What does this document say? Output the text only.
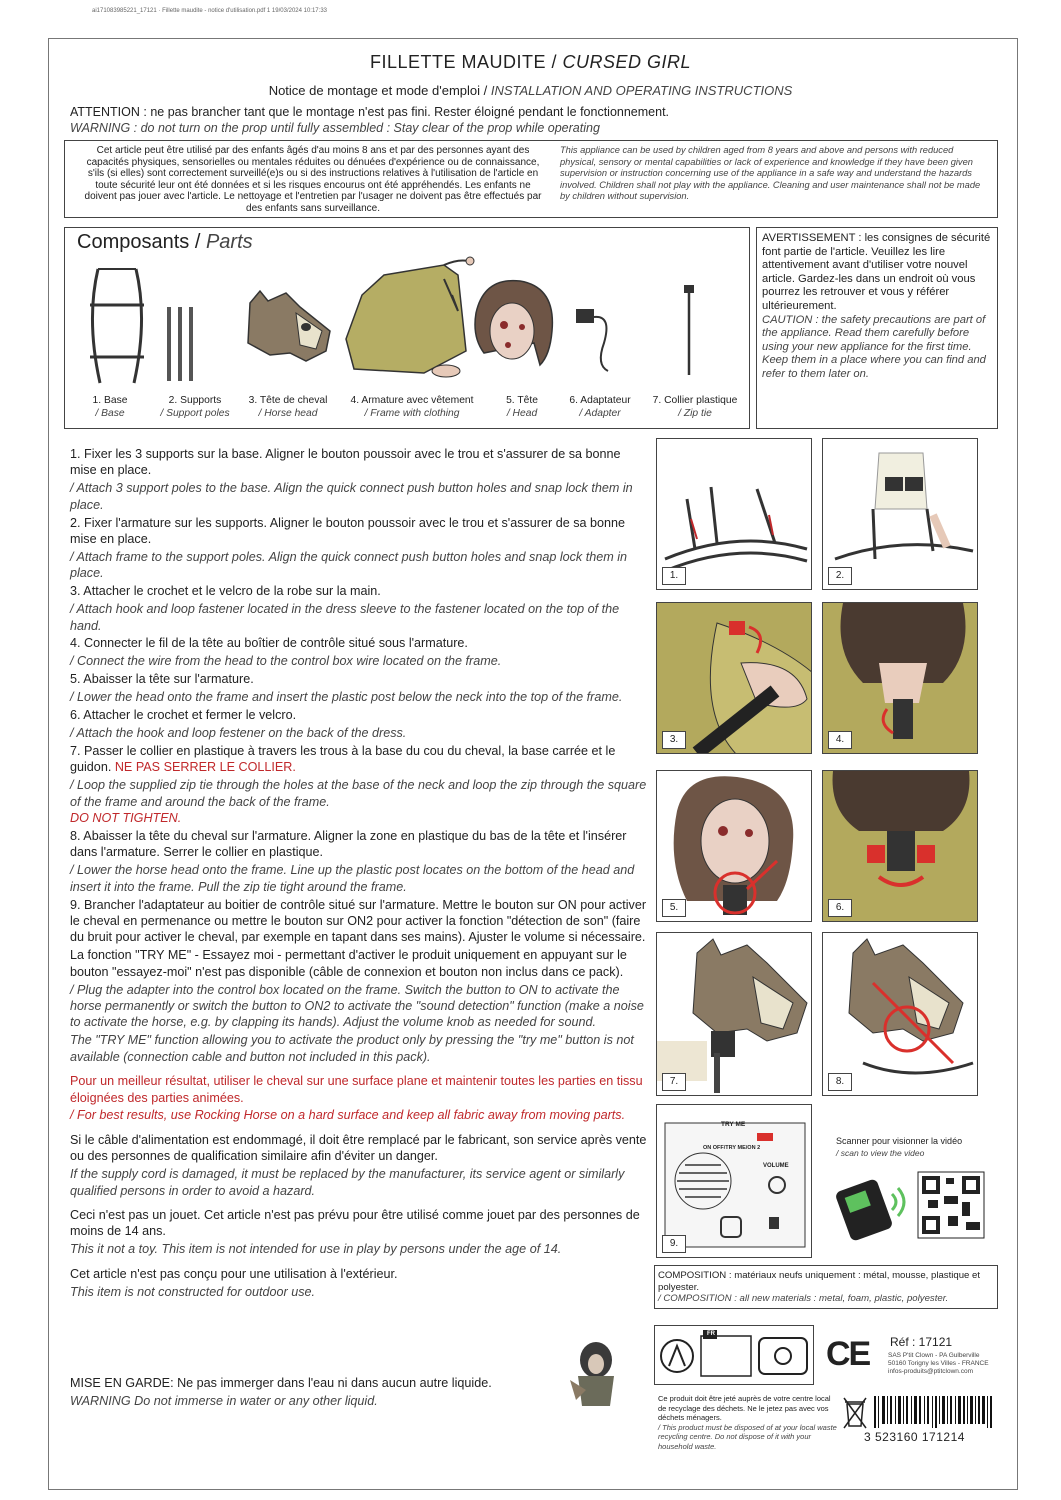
ai171083985221_17121 · Fillette maudite - notice d'utilisation.pdf 1 19/03/2024 10:17:33
FILLETTE MAUDITE / CURSED GIRL
Notice de montage et mode d'emploi / INSTALLATION AND OPERATING INSTRUCTIONS
ATTENTION : ne pas brancher tant que le montage n'est pas fini. Rester éloigné pendant le fonctionnement.
WARNING : do not turn on the prop until fully assembled : Stay clear of the prop while operating
Cet article peut être utilisé par des enfants âgés d'au moins 8 ans et par des personnes ayant des capacités physiques, sensorielles ou mentales réduites ou dénuées d'expérience ou de connaissance, s'ils (si elles) sont correctement surveillé(e)s ou si des instructions relatives à l'utilisation de l'article en toute sécurité leur ont été données et si les risques encourus ont été appréhendés. Les enfants ne doivent pas jouer avec l'article. Le nettoyage et l'entretien par l'usager ne doivent pas être effectués par des enfants sans surveillance.
This appliance can be used by children aged from 8 years and above and persons with reduced physical, sensory or mental capabilities or lack of experience and knowledge if they have been given supervision or instruction concerning use of the appliance in a safe way and understand the hazards involved. Children shall not play with the appliance. Cleaning and user maintenance shall not be made by children without supervision.
Composants / Parts
1. Base
/ Base
2. Supports
/ Support poles
3. Tête de cheval
/ Horse head
4. Armature avec vêtement
/ Frame with clothing
5. Tête
/ Head
6. Adaptateur
/ Adapter
7. Collier plastique
/ Zip tie
AVERTISSEMENT : les consignes de sécurité font partie de l'article. Veuillez les lire attentivement avant d'utiliser votre nouvel article. Gardez-les dans un endroit où vous pourrez les retrouver et vous y référer ultérieurement.
CAUTION : the safety precautions are part of the appliance. Read them carefully before using your new appliance for the first time. Keep them in a place where you can find and refer to them later on.

1. Fixer les 3 supports sur la base. Aligner le bouton poussoir avec le trou et s'assurer de sa bonne mise en place.

/ Attach 3 support poles to the base. Align the quick connect push button holes and snap lock them in place.

2. Fixer l'armature sur les supports. Aligner le bouton poussoir avec le trou et s'assurer de sa bonne mise en place.

/ Attach frame to the support poles. Align the quick connect push button holes and snap lock them in place.

3. Attacher le crochet et le velcro de la robe sur la main.

/ Attach hook and loop fastener located in the dress sleeve to the fastener located on the top of the hand.

4. Connecter le fil de la tête au boîtier de contrôle situé sous l'armature.

/ Connect the wire from the head to the control box wire located on the frame.

5. Abaisser la tête sur l'armature.

/ Lower the head onto the frame and insert the plastic post below the neck into the top of the frame.

6. Attacher le crochet et fermer le velcro.

/ Attach the hook and loop festener on the back of the dress.

7. Passer le collier en plastique à travers les trous à la base du cou du cheval, la base carrée et le guidon. NE PAS SERRER LE COLLIER.

/ Loop the supplied zip tie through the holes at the base of the neck and loop the zip through the square of the frame and around the back of the frame.
DO NOT TIGHTEN.

8. Abaisser la tête du cheval sur l'armature. Aligner la zone en plastique du bas de la tête et l'insérer dans l'armature. Serrer le collier en plastique.

/ Lower the horse head onto the frame. Line up the plastic post locates on the bottom of the head and insert it into the frame. Pull the zip tie tight around the frame.

9. Brancher l'adaptateur au boitier de contrôle situé sur l'armature. Mettre le bouton sur ON pour activer le cheval en permenance ou mettre le bouton sur ON2 pour activer la fonction "détection de son" (faire du bruit pour activer le cheval, par exemple en tapant dans ses mains). Ajuster le volume si nécessaire.

La fonction "TRY ME" - Essayez moi - permettant d'activer le produit uniquement en appuyant sur le bouton "essayez-moi" n'est pas disponible (câble de connexion et bouton non inclus dans ce pack).

/ Plug the adapter into the control box located on the frame. Switch the button to ON to activate the horse permanently or switch the button to ON2 to activate the "sound detection" function (make a noise to activate the horse, e.g. by clapping its hands). Adjust the volume knob as needed for sound.

The "TRY ME" function allowing you to activate the product only by pressing the "try me" button is not available (connection cable and button not included in this pack).

Pour un meilleur résultat, utiliser le cheval sur une surface plane et maintenir toutes les parties en tissu éloignées des parties animées.

/ For best results, use Rocking Horse on a hard surface and keep all fabric away from moving parts.

Si le câble d'alimentation est endommagé, il doit être remplacé par le fabricant, son service après vente ou des personnes de qualification similaire afin d'éviter un danger.

If the supply cord is damaged, it must be replaced by the manufacturer, its service agent or similarly qualified persons in order to avoid a hazard.

Ceci n'est pas un jouet. Cet article n'est pas prévu pour être utilisé comme jouet par des personnes de moins de 14 ans.

This it not a toy. This item is not intended for use in play by persons under the age of 14.

Cet article n'est pas conçu pour une utilisation à l'extérieur.

This item is not constructed for outdoor use.

MISE EN GARDE: Ne pas immerger dans l'eau ni dans aucun autre liquide.

WARNING Do not immerse in water or any other liquid.

1.	2.
3.	4.
5.	6.
7.	8.
TRY ME
ON OFF/TRY ME/ON 2
VOLUME
9.
Scanner pour visionner la vidéo
/ scan to view the video
COMPOSITION : matériaux neufs uniquement : métal, mousse, plastique et polyester.
/ COMPOSITION : all new materials : metal, foam, plastic, polyester.
FR
CE Réf : 17121
SAS P'tit Clown - PA Gulberville
50160 Torigny les Villes - FRANCE
infos-produits@ptitclown.com
Ce produit doit être jeté auprès de votre centre local de recyclage des déchets. Ne le jetez pas avec vos déchets ménagers.
/ This product must be disposed of at your local waste recycling centre. Do not dispose of it with your household waste.
3 523160 171214
